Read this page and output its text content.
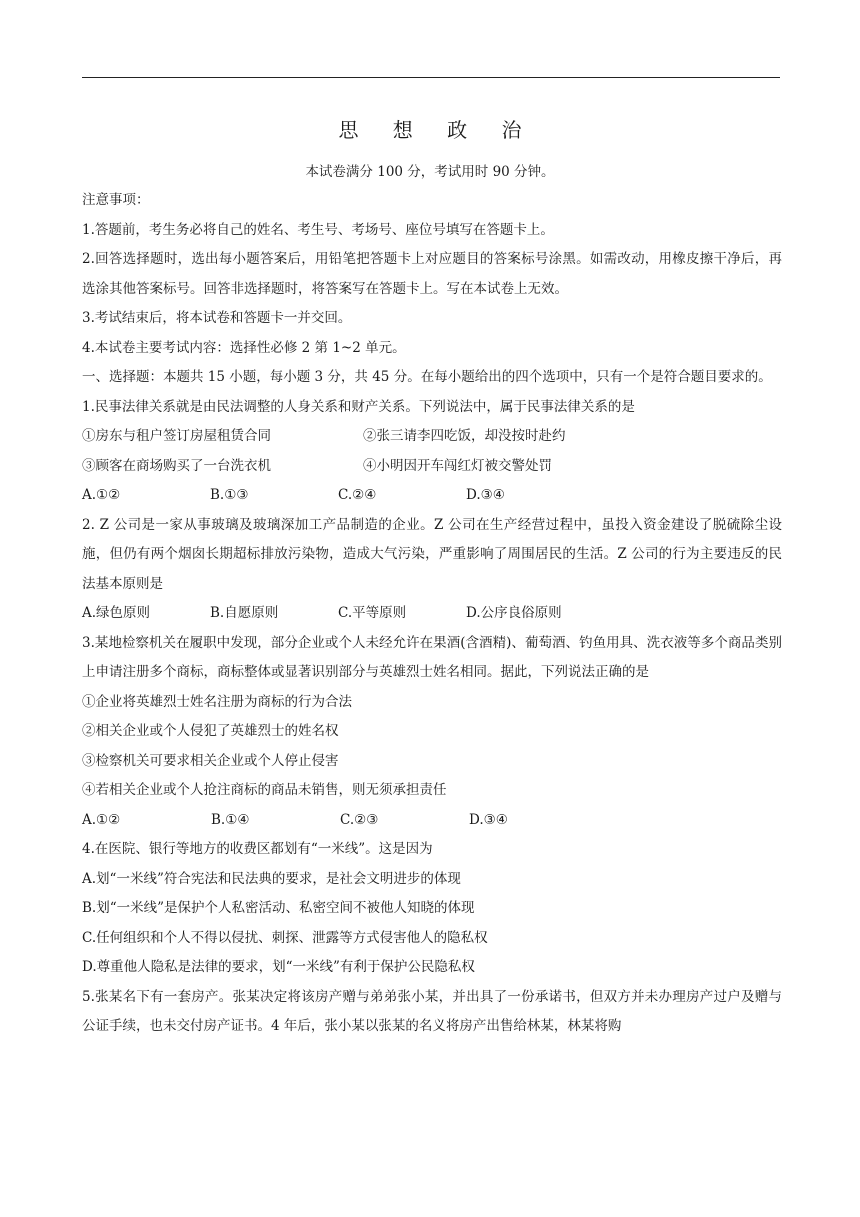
思 想 政 治
本试卷满分 100 分，考试用时 90 分钟。
注意事项：
1.答题前，考生务必将自己的姓名、考生号、考场号、座位号填写在答题卡上。
2.回答选择题时，选出每小题答案后，用铅笔把答题卡上对应题目的答案标号涂黑。如需改动，用橡皮擦干净后，再选涂其他答案标号。回答非选择题时，将答案写在答题卡上。写在本试卷上无效。
3.考试结束后，将本试卷和答题卡一并交回。
4.本试卷主要考试内容：选择性必修 2 第 1~2 单元。
一、选择题：本题共 15 小题，每小题 3 分，共 45 分。在每小题给出的四个选项中，只有一个是符合题目要求的。
1.民事法律关系就是由民法调整的人身关系和财产关系。下列说法中，属于民事法律关系的是
①房东与租户签订房屋租赁合同	②张三请李四吃饭，却没按时赴约
③顾客在商场购买了一台洗衣机	④小明因开车闯红灯被交警处罚
A.①②	B.①③	C.②④	D.③④
2. Z 公司是一家从事玻璃及玻璃深加工产品制造的企业。Z 公司在生产经营过程中，虽投入资金建设了脱硫除尘设施，但仍有两个烟囱长期超标排放污染物，造成大气污染，严重影响了周围居民的生活。Z 公司的行为主要违反的民法基本原则是
A.绿色原则	B.自愿原则	C.平等原则	D.公序良俗原则
3.某地检察机关在履职中发现，部分企业或个人未经允许在果酒(含酒精)、葡萄酒、钓鱼用具、洗衣液等多个商品类别上申请注册多个商标，商标整体或显著识别部分与英雄烈士姓名相同。据此，下列说法正确的是
①企业将英雄烈士姓名注册为商标的行为合法
②相关企业或个人侵犯了英雄烈士的姓名权
③检察机关可要求相关企业或个人停止侵害
④若相关企业或个人抢注商标的商品未销售，则无须承担责任
A.①②	B.①④	C.②③	D.③④
4.在医院、银行等地方的收费区都划有“一米线”。这是因为
A.划“一米线”符合宪法和民法典的要求，是社会文明进步的体现
B.划“一米线”是保护个人私密活动、私密空间不被他人知晓的体现
C.任何组织和个人不得以侵扰、刺探、泄露等方式侵害他人的隐私权
D.尊重他人隐私是法律的要求，划“一米线”有利于保护公民隐私权
5.张某名下有一套房产。张某决定将该房产赠与弟弟张小某，并出具了一份承诺书，但双方并未办理房产过户及赠与公证手续，也未交付房产证书。4 年后，张小某以张某的名义将房产出售给林某，林某将购
